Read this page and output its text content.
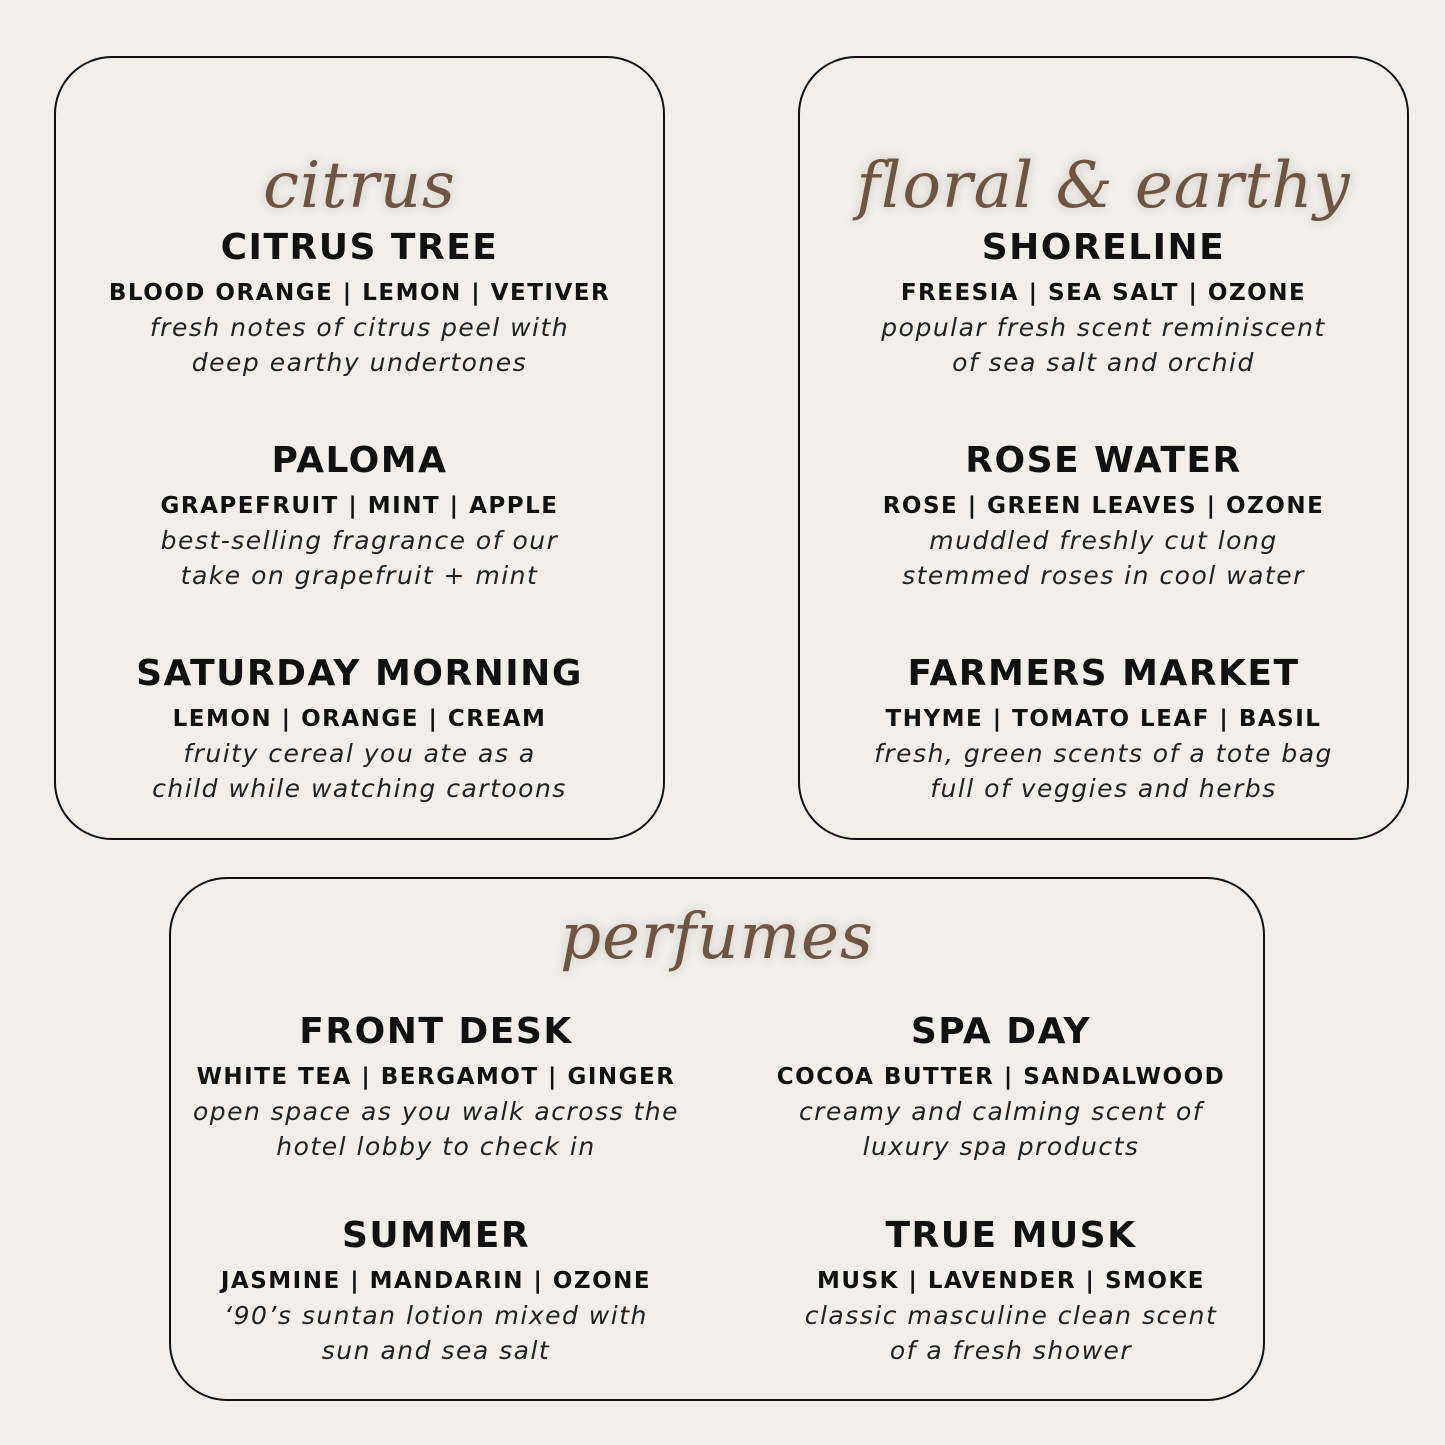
citrus
CITRUS TREE
BLOOD ORANGE | LEMON | VETIVER
fresh notes of citrus peel with
deep earthy undertones
PALOMA
GRAPEFRUIT | MINT | APPLE
best-selling fragrance of our
take on grapefruit + mint
SATURDAY MORNING
LEMON | ORANGE | CREAM
fruity cereal you ate as a
child while watching cartoons
floral & earthy
SHORELINE
FREESIA | SEA SALT | OZONE
popular fresh scent reminiscent
of sea salt and orchid
ROSE WATER
ROSE | GREEN LEAVES | OZONE
muddled freshly cut long
stemmed roses in cool water
FARMERS MARKET
THYME | TOMATO LEAF | BASIL
fresh, green scents of a tote bag
full of veggies and herbs
perfumes
FRONT DESK
WHITE TEA | BERGAMOT | GINGER
open space as you walk across the
hotel lobby to check in
SPA DAY
COCOA BUTTER | SANDALWOOD
creamy and calming scent of
luxury spa products
SUMMER
JASMINE | MANDARIN | OZONE
‘90’s suntan lotion mixed with
sun and sea salt
TRUE MUSK
MUSK | LAVENDER | SMOKE
classic masculine clean scent
of a fresh shower
